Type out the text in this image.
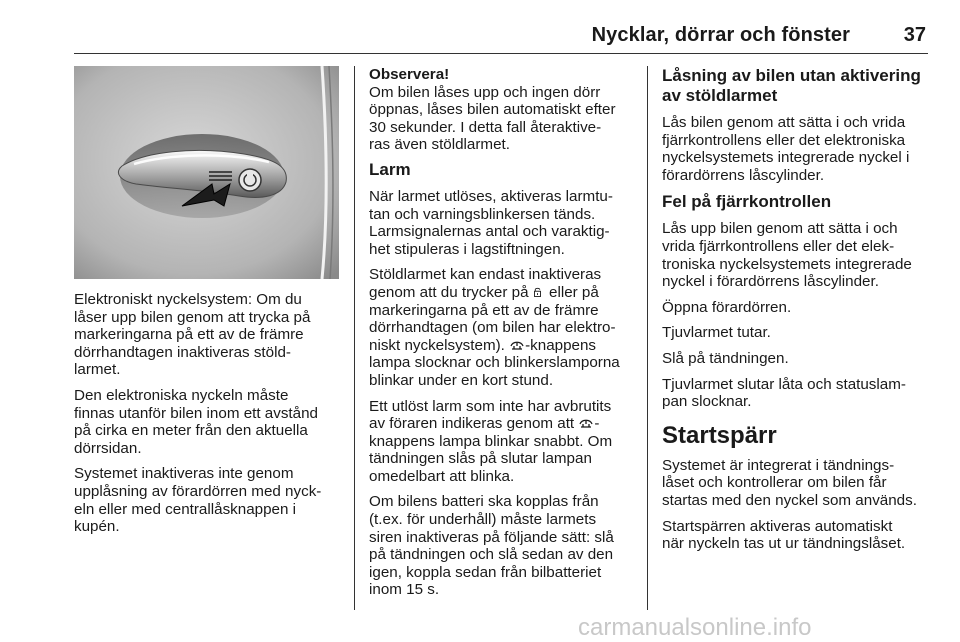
Nycklar, dörrar och fönster	37

Elektroniskt nyckelsystem: Om du
låser upp bilen genom att trycka på
markeringarna på ett av de främre
dörrhandtagen inaktiveras stöld-
larmet.

Den elektroniska nyckeln måste
finnas utanför bilen inom ett avstånd
på cirka en meter från den aktuella
dörrsidan.

Systemet inaktiveras inte genom
upplåsning av förardörren med nyck-
eln eller med centrallåsknappen i
kupén.

Observera!
Om bilen låses upp och ingen dörr
öppnas, låses bilen automatiskt efter
30 sekunder. I detta fall återaktive-
ras även stöldlarmet.

Larm

När larmet utlöses, aktiveras larmtu-
tan och varningsblinkersen tänds.
Larmsignalernas antal och varaktig-
het stipuleras i lagstiftningen.

Stöldlarmet kan endast inaktiveras
genom att du trycker på  eller på
markeringarna på ett av de främre
dörrhandtagen (om bilen har elektro-
niskt nyckelsystem). -knappens
lampa slocknar och blinkerslamporna
blinkar under en kort stund.

Ett utlöst larm som inte har avbrutits
av föraren indikeras genom att -
knappens lampa blinkar snabbt. Om
tändningen slås på slutar lampan
omedelbart att blinka.

Om bilens batteri ska kopplas från
(t.ex. för underhåll) måste larmets
siren inaktiveras på följande sätt: slå
på tändningen och slå sedan av den
igen, koppla sedan från bilbatteriet
inom 15 s.

Låsning av bilen utan aktivering
av stöldlarmet

Lås bilen genom att sätta i och vrida
fjärrkontrollens eller det elektroniska
nyckelsystemets integrerade nyckel i
förardörrens låscylinder.

Fel på fjärrkontrollen

Lås upp bilen genom att sätta i och
vrida fjärrkontrollens eller det elek-
troniska nyckelsystemets integrerade
nyckel i förardörrens låscylinder.

Öppna förardörren.

Tjuvlarmet tutar.

Slå på tändningen.

Tjuvlarmet slutar låta och statuslam-
pan slocknar.

Startspärr

Systemet är integrerat i tändnings-
låset och kontrollerar om bilen får
startas med den nyckel som används.

Startspärren aktiveras automatiskt
när nyckeln tas ut ur tändningslåset.

carmanualsonline.info
